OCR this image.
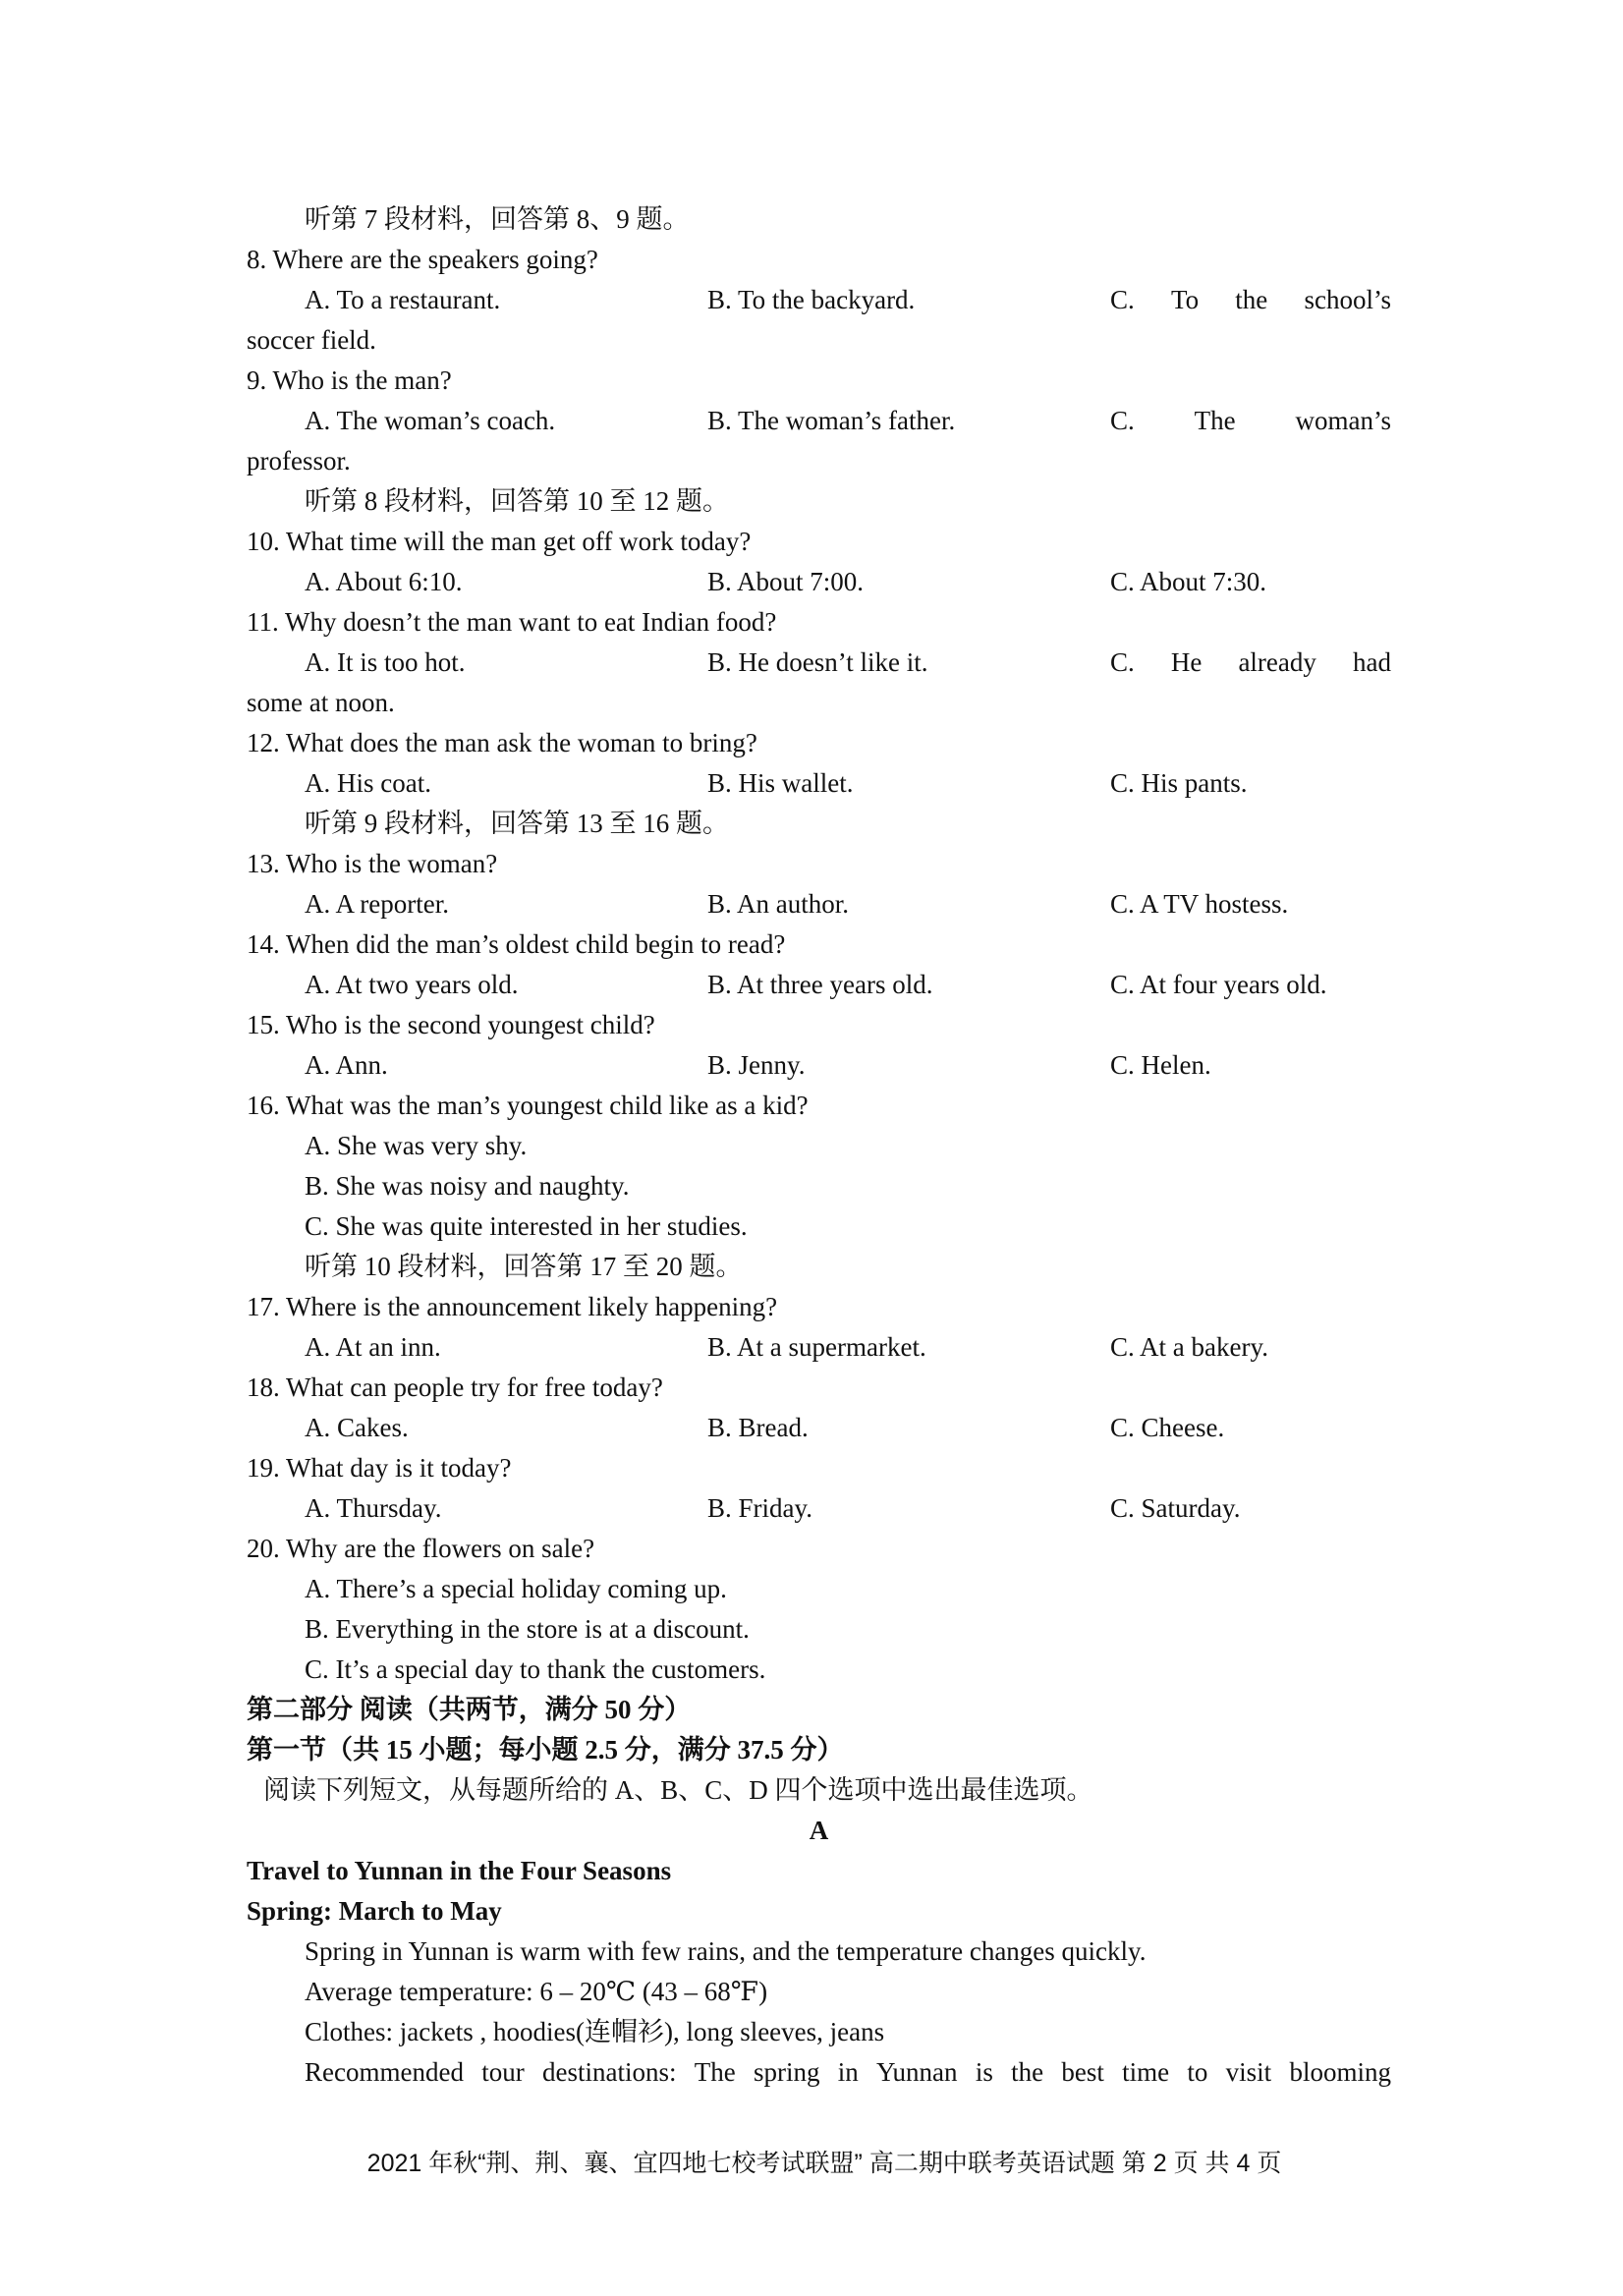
听第 7 段材料，回答第 8、9 题。
8. Where are the speakers going?
A. To a restaurant.	B. To the backyard.	C. To the school’s
soccer field.
9. Who is the man?
A. The woman’s coach.	B. The woman’s father.	C. The woman’s
professor.
听第 8 段材料，回答第 10 至 12 题。
10. What time will the man get off work today?
A. About 6:10.	B. About 7:00.	C. About 7:30.
11. Why doesn’t the man want to eat Indian food?
A. It is too hot.	B. He doesn’t like it.	C. He already had
some at noon.
12. What does the man ask the woman to bring?
A. His coat.	B. His wallet.	C. His pants.
听第 9 段材料，回答第 13 至 16 题。
13. Who is the woman?
A. A reporter.	B. An author.	C. A TV hostess.
14. When did the man’s oldest child begin to read?
A. At two years old.	B. At three years old.	C. At four years old.
15. Who is the second youngest child?
A. Ann.	B. Jenny.	C. Helen.
16. What was the man’s youngest child like as a kid?
A. She was very shy.
B. She was noisy and naughty.
C. She was quite interested in her studies.
听第 10 段材料，回答第 17 至 20 题。
17. Where is the announcement likely happening?
A. At an inn.	B. At a supermarket.	C. At a bakery.
18. What can people try for free today?
A. Cakes.	B. Bread.	C. Cheese.
19. What day is it today?
A. Thursday.	B. Friday.	C. Saturday.
20. Why are the flowers on sale?
A. There’s a special holiday coming up.
B. Everything in the store is at a discount.
C. It’s a special day to thank the customers.
第二部分 阅读（共两节，满分 50 分）
第一节（共 15 小题；每小题 2.5 分，满分 37.5 分）
阅读下列短文，从每题所给的 A、B、C、D 四个选项中选出最佳选项。
A
Travel to Yunnan in the Four Seasons
Spring: March to May
Spring in Yunnan is warm with few rains, and the temperature changes quickly.
Average temperature: 6 – 20℃ (43 – 68℉)
Clothes: jackets , hoodies(连帽衫), long sleeves, jeans
Recommended tour destinations: The spring in Yunnan is the best time to visit blooming
2021 年秋“荆、荆、襄、宜四地七校考试联盟” 高二期中联考英语试题 第 2 页 共 4 页
